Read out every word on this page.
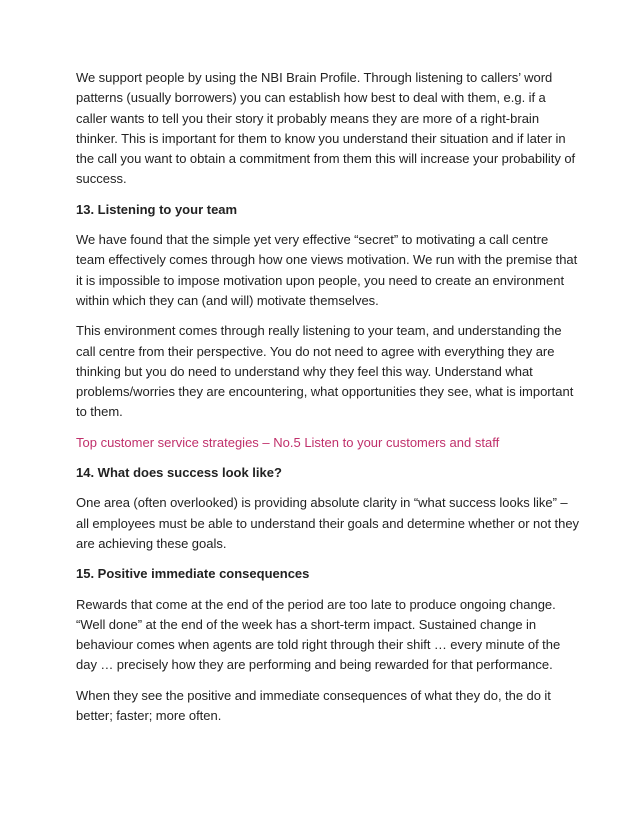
We support people by using the NBI Brain Profile. Through listening to callers’ word
patterns (usually borrowers) you can establish how best to deal with them, e.g. if a
caller wants to tell you their story it probably means they are more of a right-brain
thinker. This is important for them to know you understand their situation and if later in
the call you want to obtain a commitment from them this will increase your probability of
success.

13. Listening to your team

We have found that the simple yet very effective “secret” to motivating a call centre
team effectively comes through how one views motivation. We run with the premise that
it is impossible to impose motivation upon people, you need to create an environment
within which they can (and will) motivate themselves.

This environment comes through really listening to your team, and understanding the
call centre from their perspective. You do not need to agree with everything they are
thinking but you do need to understand why they feel this way. Understand what
problems/worries they are encountering, what opportunities they see, what is important
to them.

Top customer service strategies – No.5 Listen to your customers and staff
14. What does success look like?

One area (often overlooked) is providing absolute clarity in “what success looks like” –
all employees must be able to understand their goals and determine whether or not they
are achieving these goals.

15. Positive immediate consequences

Rewards that come at the end of the period are too late to produce ongoing change.
“Well done” at the end of the week has a short-term impact. Sustained change in
behaviour comes when agents are told right through their shift … every minute of the
day … precisely how they are performing and being rewarded for that performance.

When they see the positive and immediate consequences of what they do, the do it
better; faster; more often.
